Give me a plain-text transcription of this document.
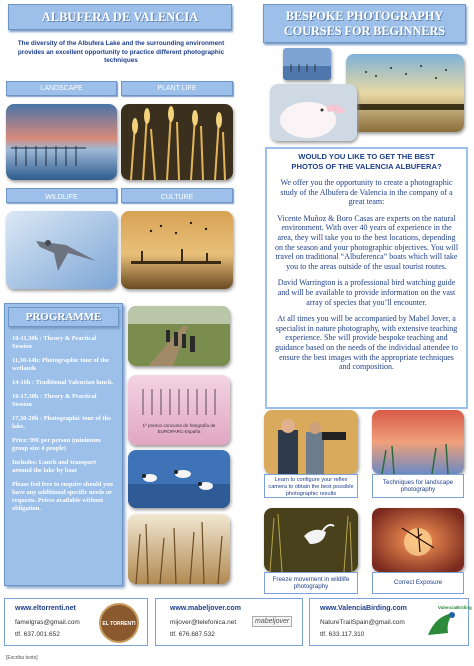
ALBUFERA DE VALENCIA
The diversity of the Albufera Lake and the surrounding environment provides an excellent opportunity to practice different photographic techniques
LANDSCAPE	PLANT LIFE
WILDLIFE	CULTURE
PROGRAMME

10-11,30h : Theory & Practical Session

11,30-14h: Photographic tour of the wetlands

14-16h : Traditional Valencian lunch.

16-17,30h : Theory & Practical Session

17,30-20h : Photographic tour of the lake.

Price: 99€ per person (minimum group size 4 people)

Includes: Lunch and transport around the lake by boat

Please feel free to enquire should you have any additional specific needs or requests. Prices available without obligation.

1º premio concurso de fotografía de
EUROPARC-España
BESPOKE PHOTOGRAPHY
COURSES FOR BEGINNERS
WOULD YOU LIKE TO GET THE BEST
PHOTOS OF THE VALENCIA ALBUFERA?

We offer you the opportunity to create a photographic study of the Albufera de Valencia in the company of a great team:

Vicente Muñoz & Boro Casas are experts on the natural environment. With over 40 years of experience in the area, they will take you to the best locations, depending on the season and your photographic objectives. You will travel on traditional “Albuferenca” boats which will take you to the areas outside of the usual tourist routes.

David Warrington is a professional bird watching guide and will be available to provide information on the vast array of species that you’ll encounter.

At all times you will be accompanied by Mabel Jover, a specialist in nature photography, with extensive teaching experience. She will provide bespoke teaching and guidance based on the needs of the individual attendee to ensure the best images with the appropriate techniques and composition.

Learn to configure your reflex camera to obtain the best possible photographic results
Techniques for landscape photography
Freeze movement in wildlife photography
Correct Exposure
www.eltorrenti.net
famelgras@gmail.com
tlf. 637.001.652
EL TORRENTI
www.mabeljover.com
mijover@telefonica.net
tlf. 676.687.532
mabeljover
www.ValenciaBirding.com
NatureTrailSpain@gmail.com
tlf. 633.117.310
ValenciaBirding
[Escriba texto]
